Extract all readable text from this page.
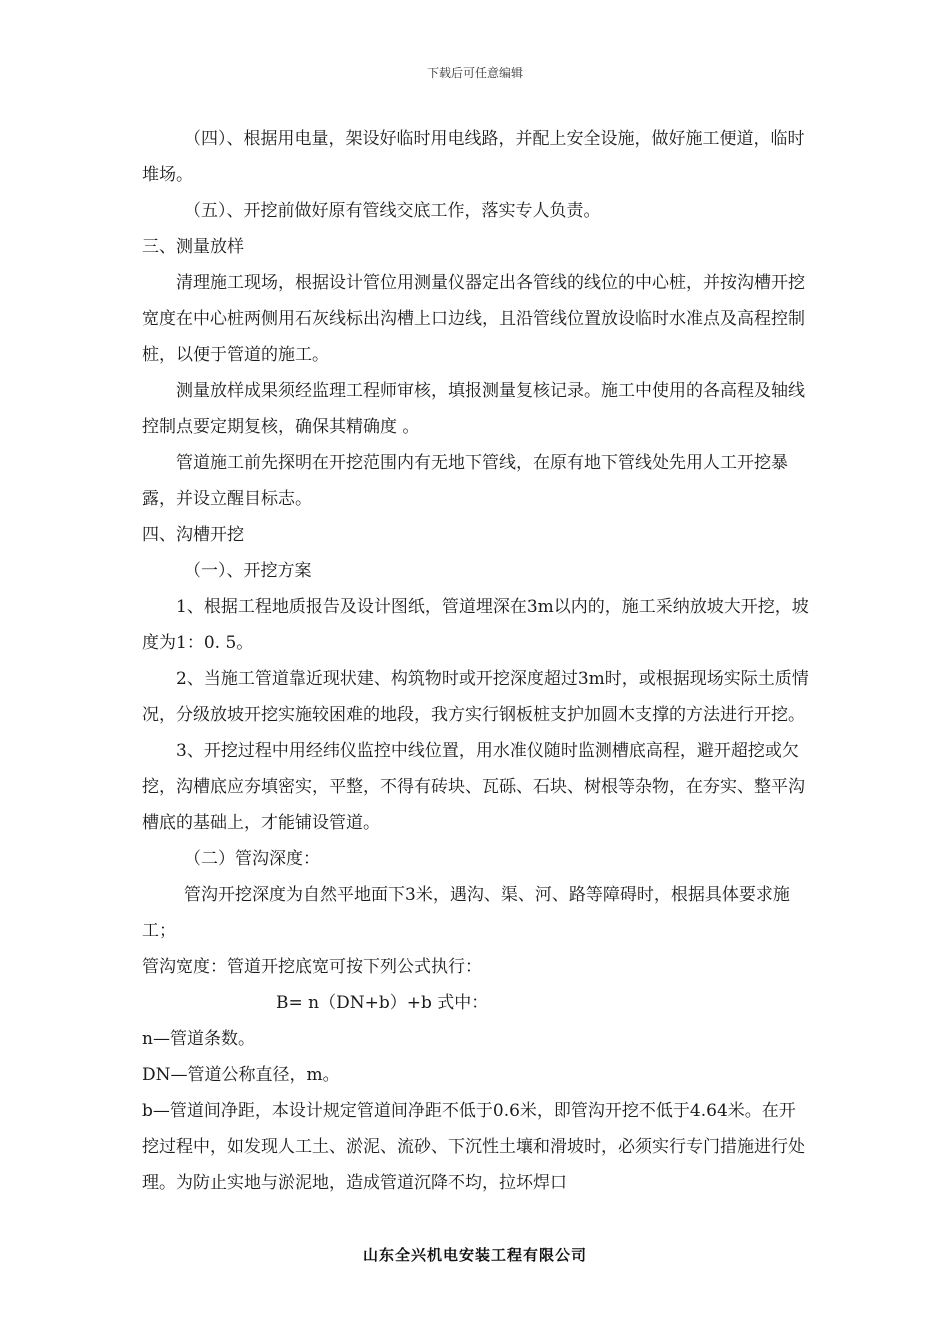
下载后可任意编辑

（四）、根据用电量，架设好临时用电线路，并配上安全设施，做好施工便道，临时堆场。

（五）、开挖前做好原有管线交底工作，落实专人负责。

三、测量放样

清理施工现场，根据设计管位用测量仪器定出各管线的线位的中心桩，并按沟槽开挖宽度在中心桩两侧用石灰线标出沟槽上口边线，且沿管线位置放设临时水准点及高程控制桩，以便于管道的施工。

测量放样成果须经监理工程师审核，填报测量复核记录。施工中使用的各高程及轴线控制点要定期复核，确保其精确度 。

管道施工前先探明在开挖范围内有无地下管线，在原有地下管线处先用人工开挖暴露，并设立醒目标志。

四、沟槽开挖

（一）、开挖方案

1、根据工程地质报告及设计图纸，管道埋深在3m以内的，施工采纳放坡大开挖，坡度为1：0. 5。

2、当施工管道靠近现状建、构筑物时或开挖深度超过3m时，或根据现场实际土质情况，分级放坡开挖实施较困难的地段，我方实行钢板桩支护加圆木支撑的方法进行开挖。

3、开挖过程中用经纬仪监控中线位置，用水准仪随时监测槽底高程，避开超挖或欠挖，沟槽底应夯填密实，平整，不得有砖块、瓦砾、石块、树根等杂物，在夯实、整平沟槽底的基础上，才能铺设管道。

（二）管沟深度：

管沟开挖深度为自然平地面下3米，遇沟、渠、河、路等障碍时，根据具体要求施工；

管沟宽度：管道开挖底宽可按下列公式执行：

B= n（DN+b）+b 式中：

n—管道条数。

DN—管道公称直径，m。

b—管道间净距，本设计规定管道间净距不低于0.6米，即管沟开挖不低于4.64米。在开挖过程中，如发现人工土、淤泥、流砂、下沉性土壤和滑坡时，必须实行专门措施进行处理。为防止实地与淤泥地，造成管道沉降不均，拉坏焊口

山东全兴机电安装工程有限公司
